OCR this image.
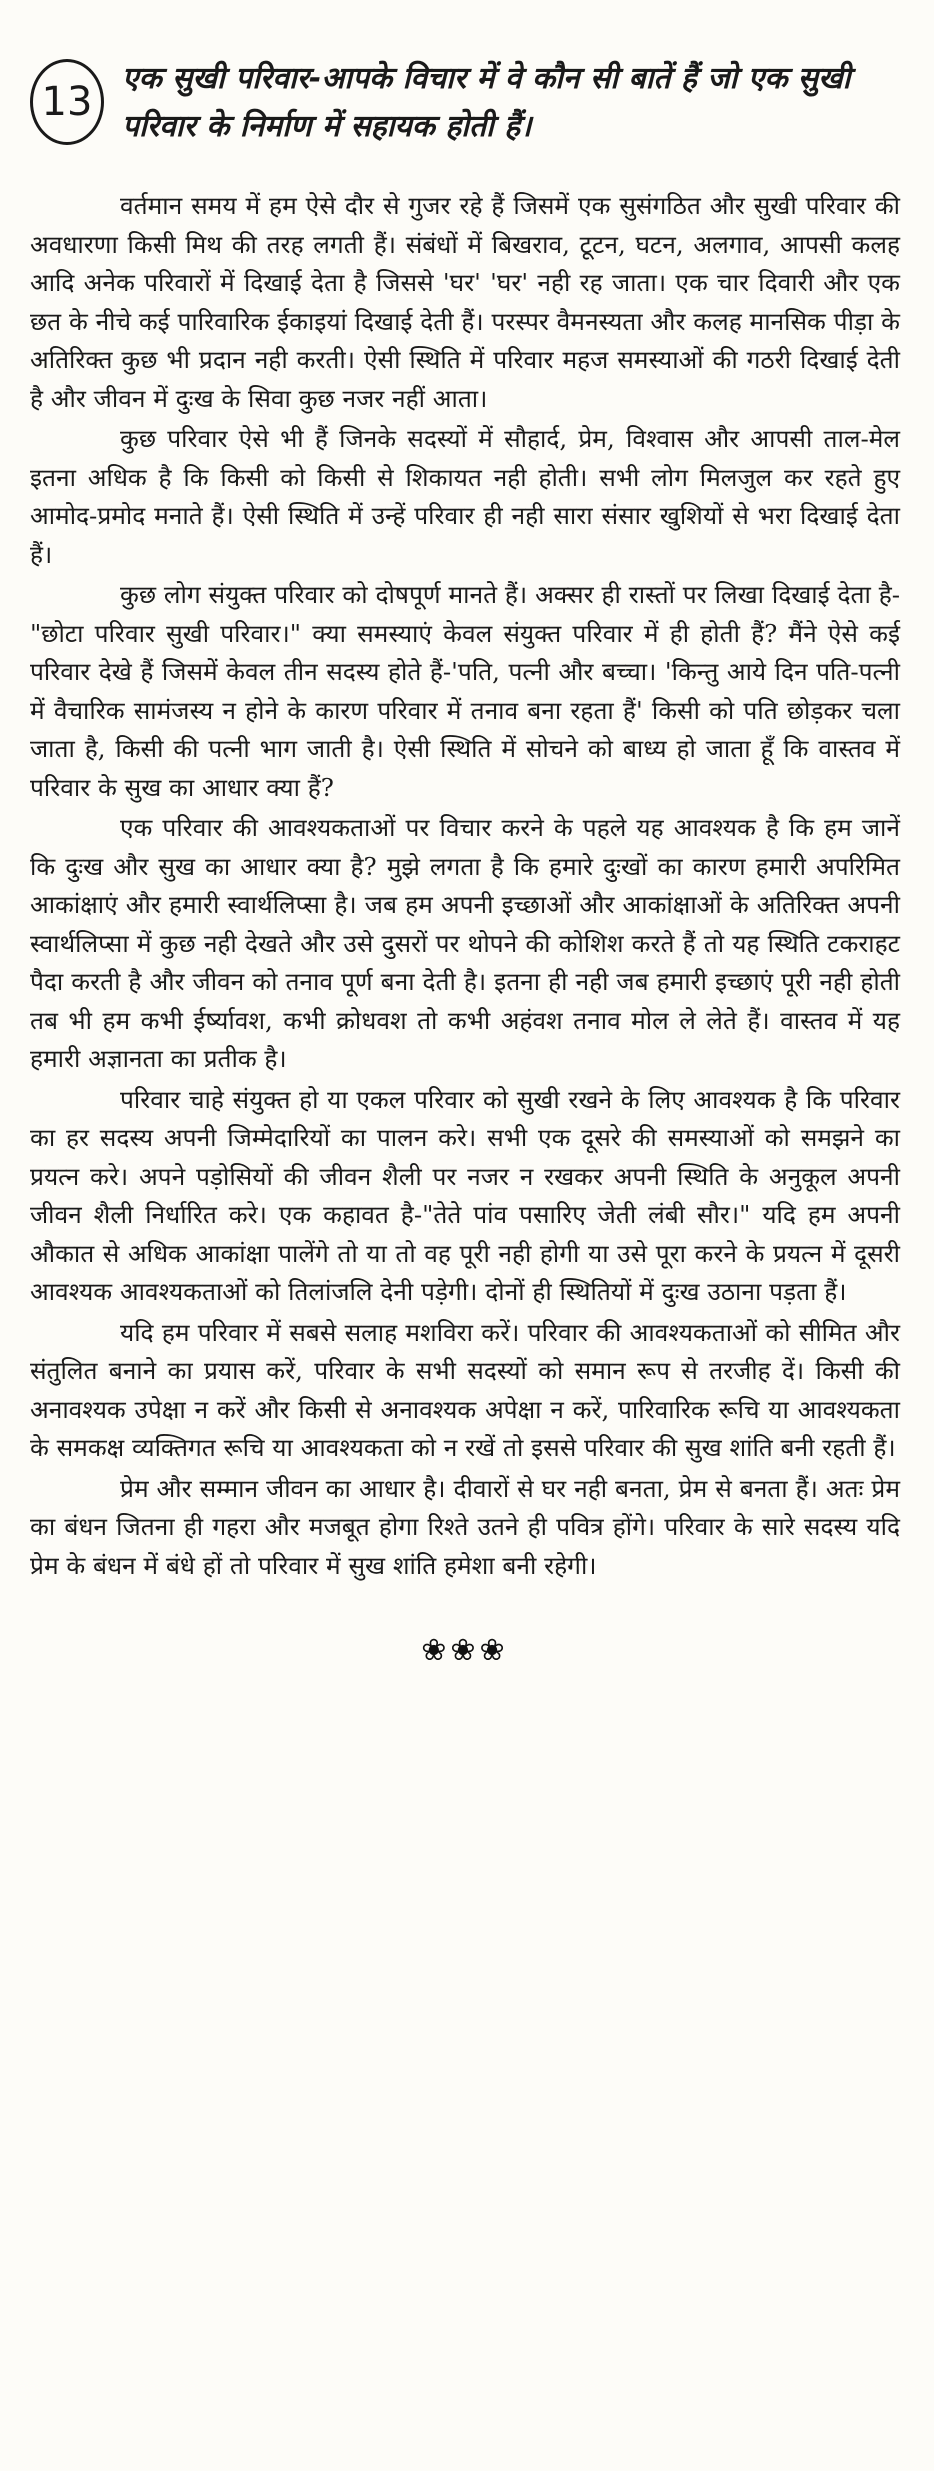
13
एक सुखी परिवार-आपके विचार में वे कौन सी बातें हैं जो एक सुखी परिवार के निर्माण में सहायक होती हैं।

वर्तमान समय में हम ऐसे दौर से गुजर रहे हैं जिसमें एक सुसंगठित और सुखी परिवार की अवधारणा किसी मिथ की तरह लगती हैं। संबंधों में बिखराव, टूटन, घटन, अलगाव, आपसी कलह आदि अनेक परिवारों में दिखाई देता है जिससे 'घर' 'घर' नही रह जाता। एक चार दिवारी और एक छत के नीचे कई पारिवारिक ईकाइयां दिखाई देती हैं। परस्पर वैमनस्यता और कलह मानसिक पीड़ा के अतिरिक्त कुछ भी प्रदान नही करती। ऐसी स्थिति में परिवार महज समस्याओं की गठरी दिखाई देती है और जीवन में दुःख के सिवा कुछ नजर नहीं आता।

कुछ परिवार ऐसे भी हैं जिनके सदस्यों में सौहार्द, प्रेम, विश्वास और आपसी ताल-मेल इतना अधिक है कि किसी को किसी से शिकायत नही होती। सभी लोग मिलजुल कर रहते हुए आमोद-प्रमोद मनाते हैं। ऐसी स्थिति में उन्हें परिवार ही नही सारा संसार खुशियों से भरा दिखाई देता हैं।

कुछ लोग संयुक्त परिवार को दोषपूर्ण मानते हैं। अक्सर ही रास्तों पर लिखा दिखाई देता है-"छोटा परिवार सुखी परिवार।" क्या समस्याएं केवल संयुक्त परिवार में ही होती हैं? मैंने ऐसे कई परिवार देखे हैं जिसमें केवल तीन सदस्य होते हैं-'पति, पत्नी और बच्चा। 'किन्तु आये दिन पति-पत्नी में वैचारिक सामंजस्य न होने के कारण परिवार में तनाव बना रहता हैं' किसी को पति छोड़कर चला जाता है, किसी की पत्नी भाग जाती है। ऐसी स्थिति में सोचने को बाध्य हो जाता हूँ कि वास्तव में परिवार के सुख का आधार क्या हैं?

एक परिवार की आवश्यकताओं पर विचार करने के पहले यह आवश्यक है कि हम जानें कि दुःख और सुख का आधार क्या है? मुझे लगता है कि हमारे दुःखों का कारण हमारी अपरिमित आकांक्षाएं और हमारी स्वार्थलिप्सा है। जब हम अपनी इच्छाओं और आकांक्षाओं के अतिरिक्त अपनी स्वार्थलिप्सा में कुछ नही देखते और उसे दुसरों पर थोपने की कोशिश करते हैं तो यह स्थिति टकराहट पैदा करती है और जीवन को तनाव पूर्ण बना देती है। इतना ही नही जब हमारी इच्छाएं पूरी नही होती तब भी हम कभी ईर्ष्यावश, कभी क्रोधवश तो कभी अहंवश तनाव मोल ले लेते हैं। वास्तव में यह हमारी अज्ञानता का प्रतीक है।

परिवार चाहे संयुक्त हो या एकल परिवार को सुखी रखने के लिए आवश्यक है कि परिवार का हर सदस्य अपनी जिम्मेदारियों का पालन करे। सभी एक दूसरे की समस्याओं को समझने का प्रयत्न करे। अपने पड़ोसियों की जीवन शैली पर नजर न रखकर अपनी स्थिति के अनुकूल अपनी जीवन शैली निर्धारित करे। एक कहावत है-"तेते पांव पसारिए जेती लंबी सौर।" यदि हम अपनी औकात से अधिक आकांक्षा पालेंगे तो या तो वह पूरी नही होगी या उसे पूरा करने के प्रयत्न में दूसरी आवश्यक आवश्यकताओं को तिलांजलि देनी पड़ेगी। दोनों ही स्थितियों में दुःख उठाना पड़ता हैं।

यदि हम परिवार में सबसे सलाह मशविरा करें। परिवार की आवश्यकताओं को सीमित और संतुलित बनाने का प्रयास करें, परिवार के सभी सदस्यों को समान रूप से तरजीह दें। किसी की अनावश्यक उपेक्षा न करें और किसी से अनावश्यक अपेक्षा न करें, पारिवारिक रूचि या आवश्यकता के समकक्ष व्यक्तिगत रूचि या आवश्यकता को न रखें तो इससे परिवार की सुख शांति बनी रहती हैं।

प्रेम और सम्मान जीवन का आधार है। दीवारों से घर नही बनता, प्रेम से बनता हैं। अतः प्रेम का बंधन जितना ही गहरा और मजबूत होगा रिश्ते उतने ही पवित्र होंगे। परिवार के सारे सदस्य यदि प्रेम के बंधन में बंधे हों तो परिवार में सुख शांति हमेशा बनी रहेगी।

❀❀❀
